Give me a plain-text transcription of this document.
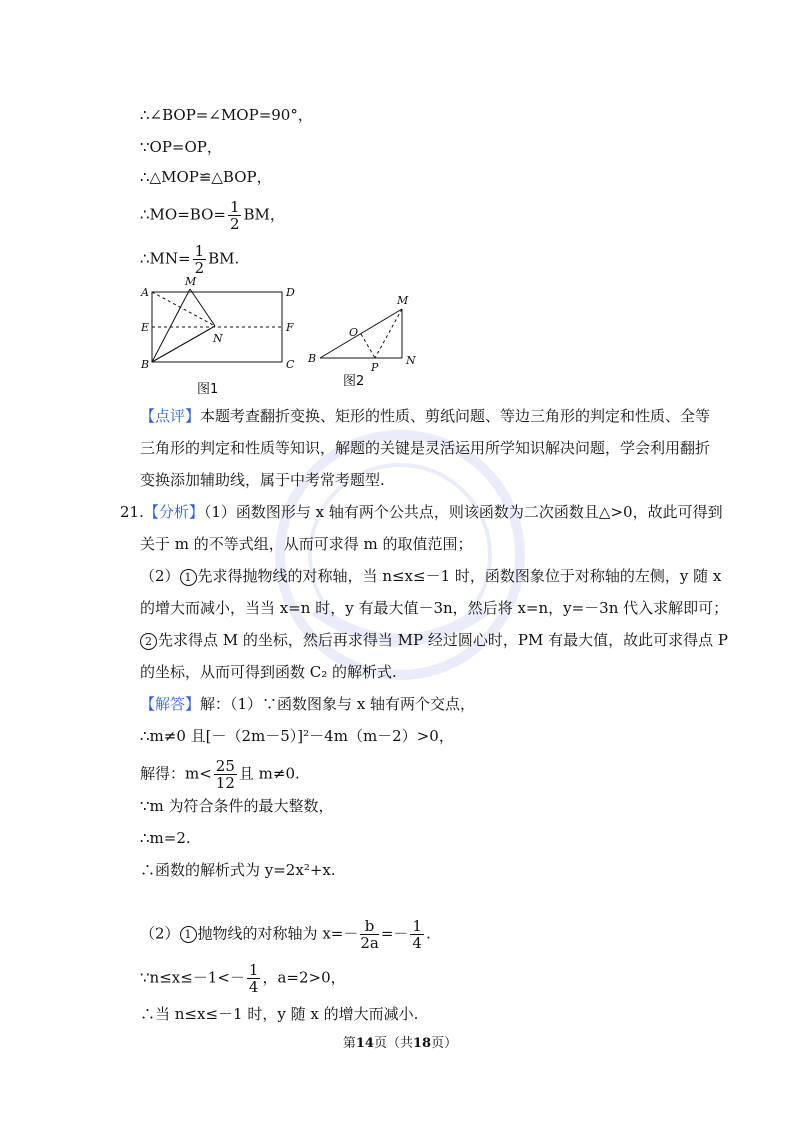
∴∠BOP=∠MOP=90°，
∵OP=OP，
∴△MOP≌△BOP，
∴MO=BO= $\frac{1}{2}$ BM，
∴MN= $\frac{1}{2}$ BM.
A
E
B
D
F
C
M
N
图1
B
M
N
O
P
图2
【点评】本题考查翻折变换、矩形的性质、剪纸问题、等边三角形的判定和性质、全等
三角形的判定和性质等知识，解题的关键是灵活运用所学知识解决问题，学会利用翻折
变换添加辅助线，属于中考常考题型.
21.【分析】（1）函数图形与 x 轴有两个公共点，则该函数为二次函数且△>0，故此可得到
关于 m 的不等式组，从而可求得 m 的取值范围；
（2） 1 先求得抛物线的对称轴，当 n≤x≤－1 时，函数图象位于对称轴的左侧，y 随 x
的增大而减小，当当 x=n 时，y 有最大值－3n，然后将 x=n，y=－3n 代入求解即可；
2 先求得点 M 的坐标，然后再求得当 MP 经过圆心时，PM 有最大值，故此可求得点 P
的坐标，从而可得到函数 C₂ 的解析式.
【解答】解：（1）∵函数图象与 x 轴有两个交点，
∴m≠0 且[－（2m－5）]²－4m（m－2）>0，
解得：$m< \frac{25}{12}$ 且 m≠0.
∵m 为符合条件的最大整数，
∴m=2.
∴函数的解析式为 y=2x²+x.
（2） 1 抛物线的对称轴为 $x=- \frac{b}{2a} =- \frac{1}{4}$ .
∵n≤x≤－1<－ $\frac{1}{4}$ ，a=2>0，
∴当 n≤x≤－1 时，y 随 x 的增大而减小.
第14页（共18页）
